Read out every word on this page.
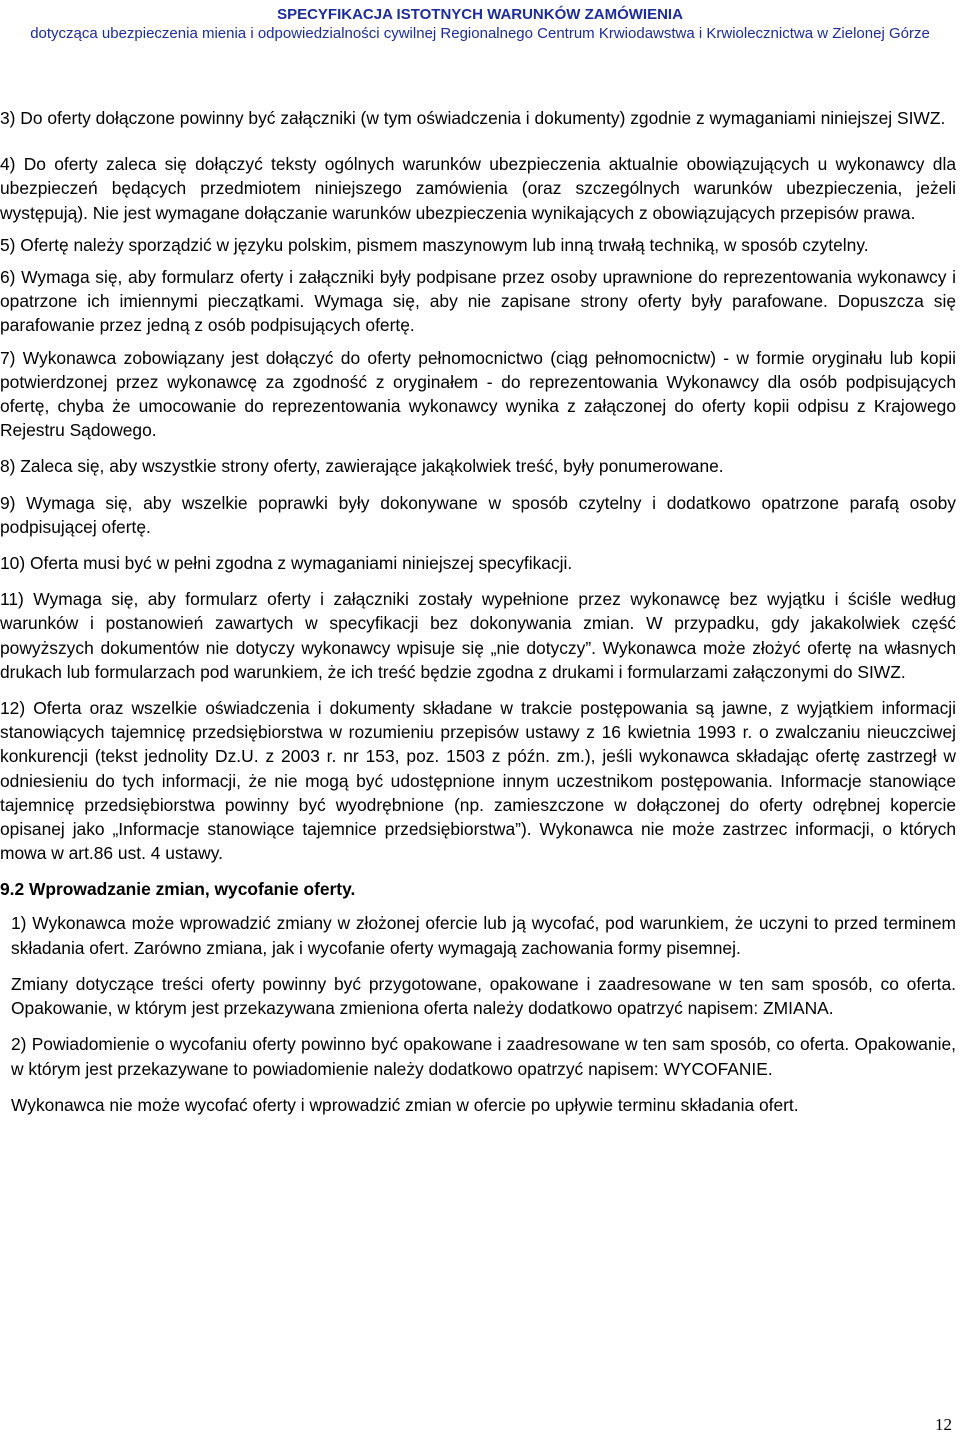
SPECYFIKACJA ISTOTNYCH WARUNKÓW ZAMÓWIENIA
dotycząca ubezpieczenia mienia i odpowiedzialności cywilnej Regionalnego Centrum Krwiodawstwa i Krwiolecznictwa w Zielonej Górze
3) Do oferty dołączone powinny być załączniki (w tym oświadczenia i dokumenty) zgodnie z wymaganiami niniejszej SIWZ.
4) Do oferty zaleca się dołączyć teksty ogólnych warunków ubezpieczenia aktualnie obowiązujących u wykonawcy dla ubezpieczeń będących przedmiotem niniejszego zamówienia (oraz szczególnych warunków ubezpieczenia, jeżeli występują). Nie jest wymagane dołączanie warunków ubezpieczenia wynikających z obowiązujących przepisów prawa.
5) Ofertę należy sporządzić w języku polskim, pismem maszynowym lub inną trwałą techniką, w sposób czytelny.
6) Wymaga się, aby formularz oferty i załączniki były podpisane przez osoby uprawnione do reprezentowania wykonawcy i opatrzone ich imiennymi pieczątkami. Wymaga się, aby nie zapisane strony oferty były parafowane. Dopuszcza się parafowanie przez jedną z osób podpisujących ofertę.
7) Wykonawca zobowiązany jest dołączyć do oferty pełnomocnictwo (ciąg pełnomocnictw) - w formie oryginału lub kopii potwierdzonej przez wykonawcę za zgodność z oryginałem - do reprezentowania Wykonawcy dla osób podpisujących ofertę, chyba że umocowanie do reprezentowania wykonawcy wynika z załączonej do oferty kopii odpisu z Krajowego Rejestru Sądowego.
8) Zaleca się, aby wszystkie strony oferty, zawierające jakąkolwiek treść, były ponumerowane.
9) Wymaga się, aby wszelkie poprawki były dokonywane w sposób czytelny i dodatkowo opatrzone parafą osoby podpisującej ofertę.
10) Oferta musi być w pełni zgodna z wymaganiami niniejszej specyfikacji.
11) Wymaga się, aby formularz oferty i załączniki zostały wypełnione przez wykonawcę bez wyjątku i ściśle według warunków i postanowień zawartych w specyfikacji bez dokonywania zmian. W przypadku, gdy jakakolwiek część powyższych dokumentów nie dotyczy wykonawcy wpisuje się „nie dotyczy”. Wykonawca może złożyć ofertę na własnych drukach lub formularzach pod warunkiem, że ich treść będzie zgodna z drukami i formularzami załączonymi do SIWZ.
12) Oferta oraz wszelkie oświadczenia i dokumenty składane w trakcie postępowania są jawne, z wyjątkiem informacji stanowiących tajemnicę przedsiębiorstwa w rozumieniu przepisów ustawy z 16 kwietnia 1993 r. o zwalczaniu nieuczciwej konkurencji (tekst jednolity Dz.U. z 2003 r. nr 153, poz. 1503 z późn. zm.), jeśli wykonawca składając ofertę zastrzegł w odniesieniu do tych informacji, że nie mogą być udostępnione innym uczestnikom postępowania. Informacje stanowiące tajemnicę przedsiębiorstwa powinny być wyodrębnione (np. zamieszczone w dołączonej do oferty odrębnej kopercie opisanej jako „Informacje stanowiące tajemnice przedsiębiorstwa”). Wykonawca nie może zastrzec informacji, o których mowa w art.86 ust. 4 ustawy.
9.2 Wprowadzanie zmian, wycofanie oferty.
1) Wykonawca może wprowadzić zmiany w złożonej ofercie lub ją wycofać, pod warunkiem, że uczyni to przed terminem składania ofert. Zarówno zmiana, jak i wycofanie oferty wymagają zachowania formy pisemnej.
Zmiany dotyczące treści oferty powinny być przygotowane, opakowane i zaadresowane w ten sam sposób, co oferta. Opakowanie, w którym jest przekazywana zmieniona oferta należy dodatkowo opatrzyć napisem: ZMIANA.
2) Powiadomienie o wycofaniu oferty powinno być opakowane i zaadresowane w ten sam sposób, co oferta. Opakowanie, w którym jest przekazywane to powiadomienie należy dodatkowo opatrzyć napisem: WYCOFANIE.
Wykonawca nie może wycofać oferty i wprowadzić zmian w ofercie po upływie terminu składania ofert.
12
